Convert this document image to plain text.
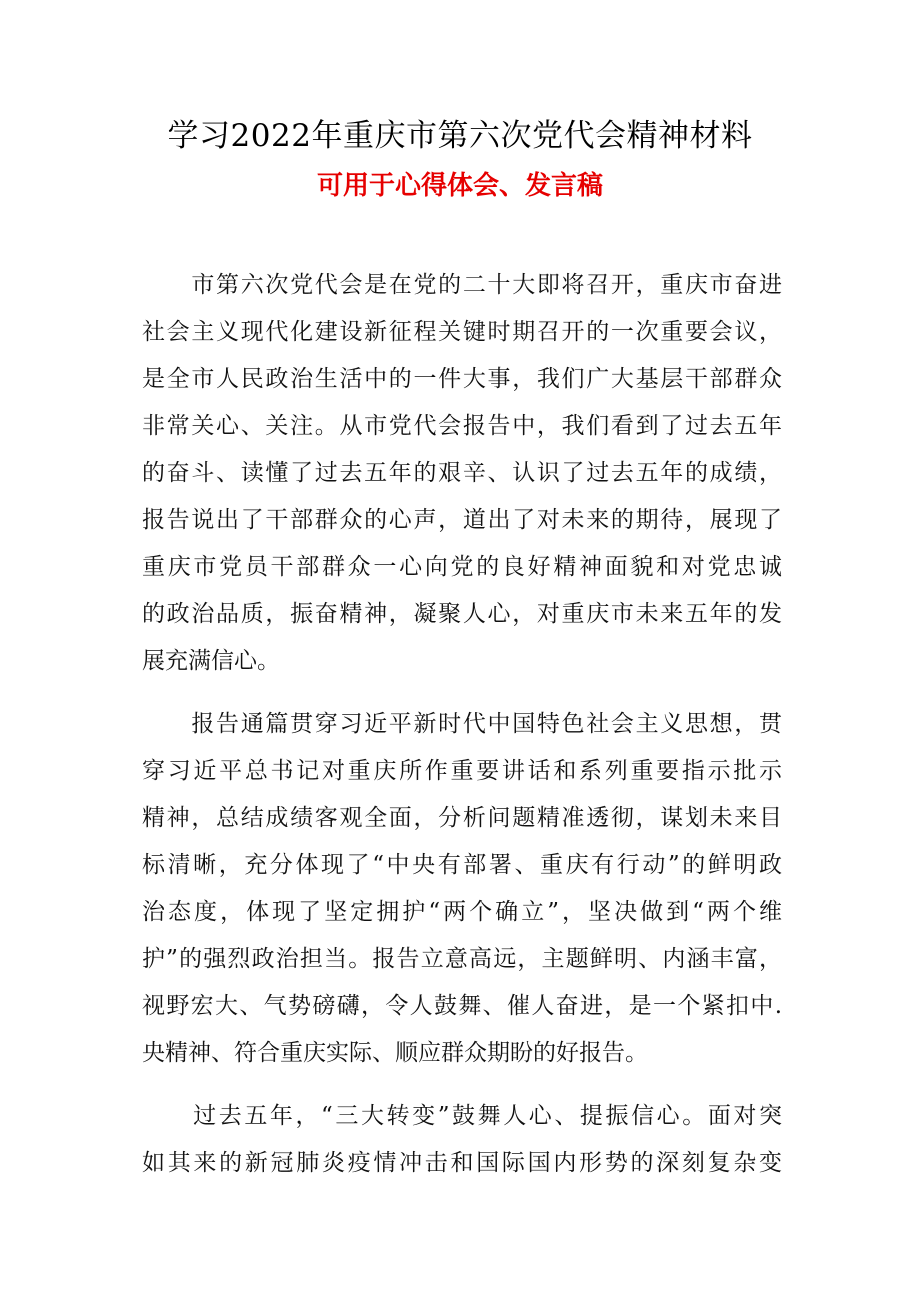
学习2022年重庆市第六次党代会精神材料
可用于心得体会、发言稿
　　市第六次党代会是在党的二十大即将召开，重庆市奋进
社会主义现代化建设新征程关键时期召开的一次重要会议，
是全市人民政治生活中的一件大事，我们广大基层干部群众
非常关心、关注。从市党代会报告中，我们看到了过去五年
的奋斗、读懂了过去五年的艰辛、认识了过去五年的成绩，
报告说出了干部群众的心声，道出了对未来的期待，展现了
重庆市党员干部群众一心向党的良好精神面貌和对党忠诚
的政治品质，振奋精神，凝聚人心，对重庆市未来五年的发
展充满信心。
　　报告通篇贯穿习近平新时代中国特色社会主义思想，贯
穿习近平总书记对重庆所作重要讲话和系列重要指示批示
精神，总结成绩客观全面，分析问题精准透彻，谋划未来目
标清晰，充分体现了“中央有部署、重庆有行动”的鲜明政
治态度，体现了坚定拥护“两个确立”，坚决做到“两个维
护”的强烈政治担当。报告立意高远，主题鲜明、内涵丰富，
视野宏大、气势磅礴，令人鼓舞、催人奋进，是一个紧扣中.
央精神、符合重庆实际、顺应群众期盼的好报告。
　　过去五年，“三大转变”鼓舞人心、提振信心。面对突
如其来的新冠肺炎疫情冲击和国际国内形势的深刻复杂变
